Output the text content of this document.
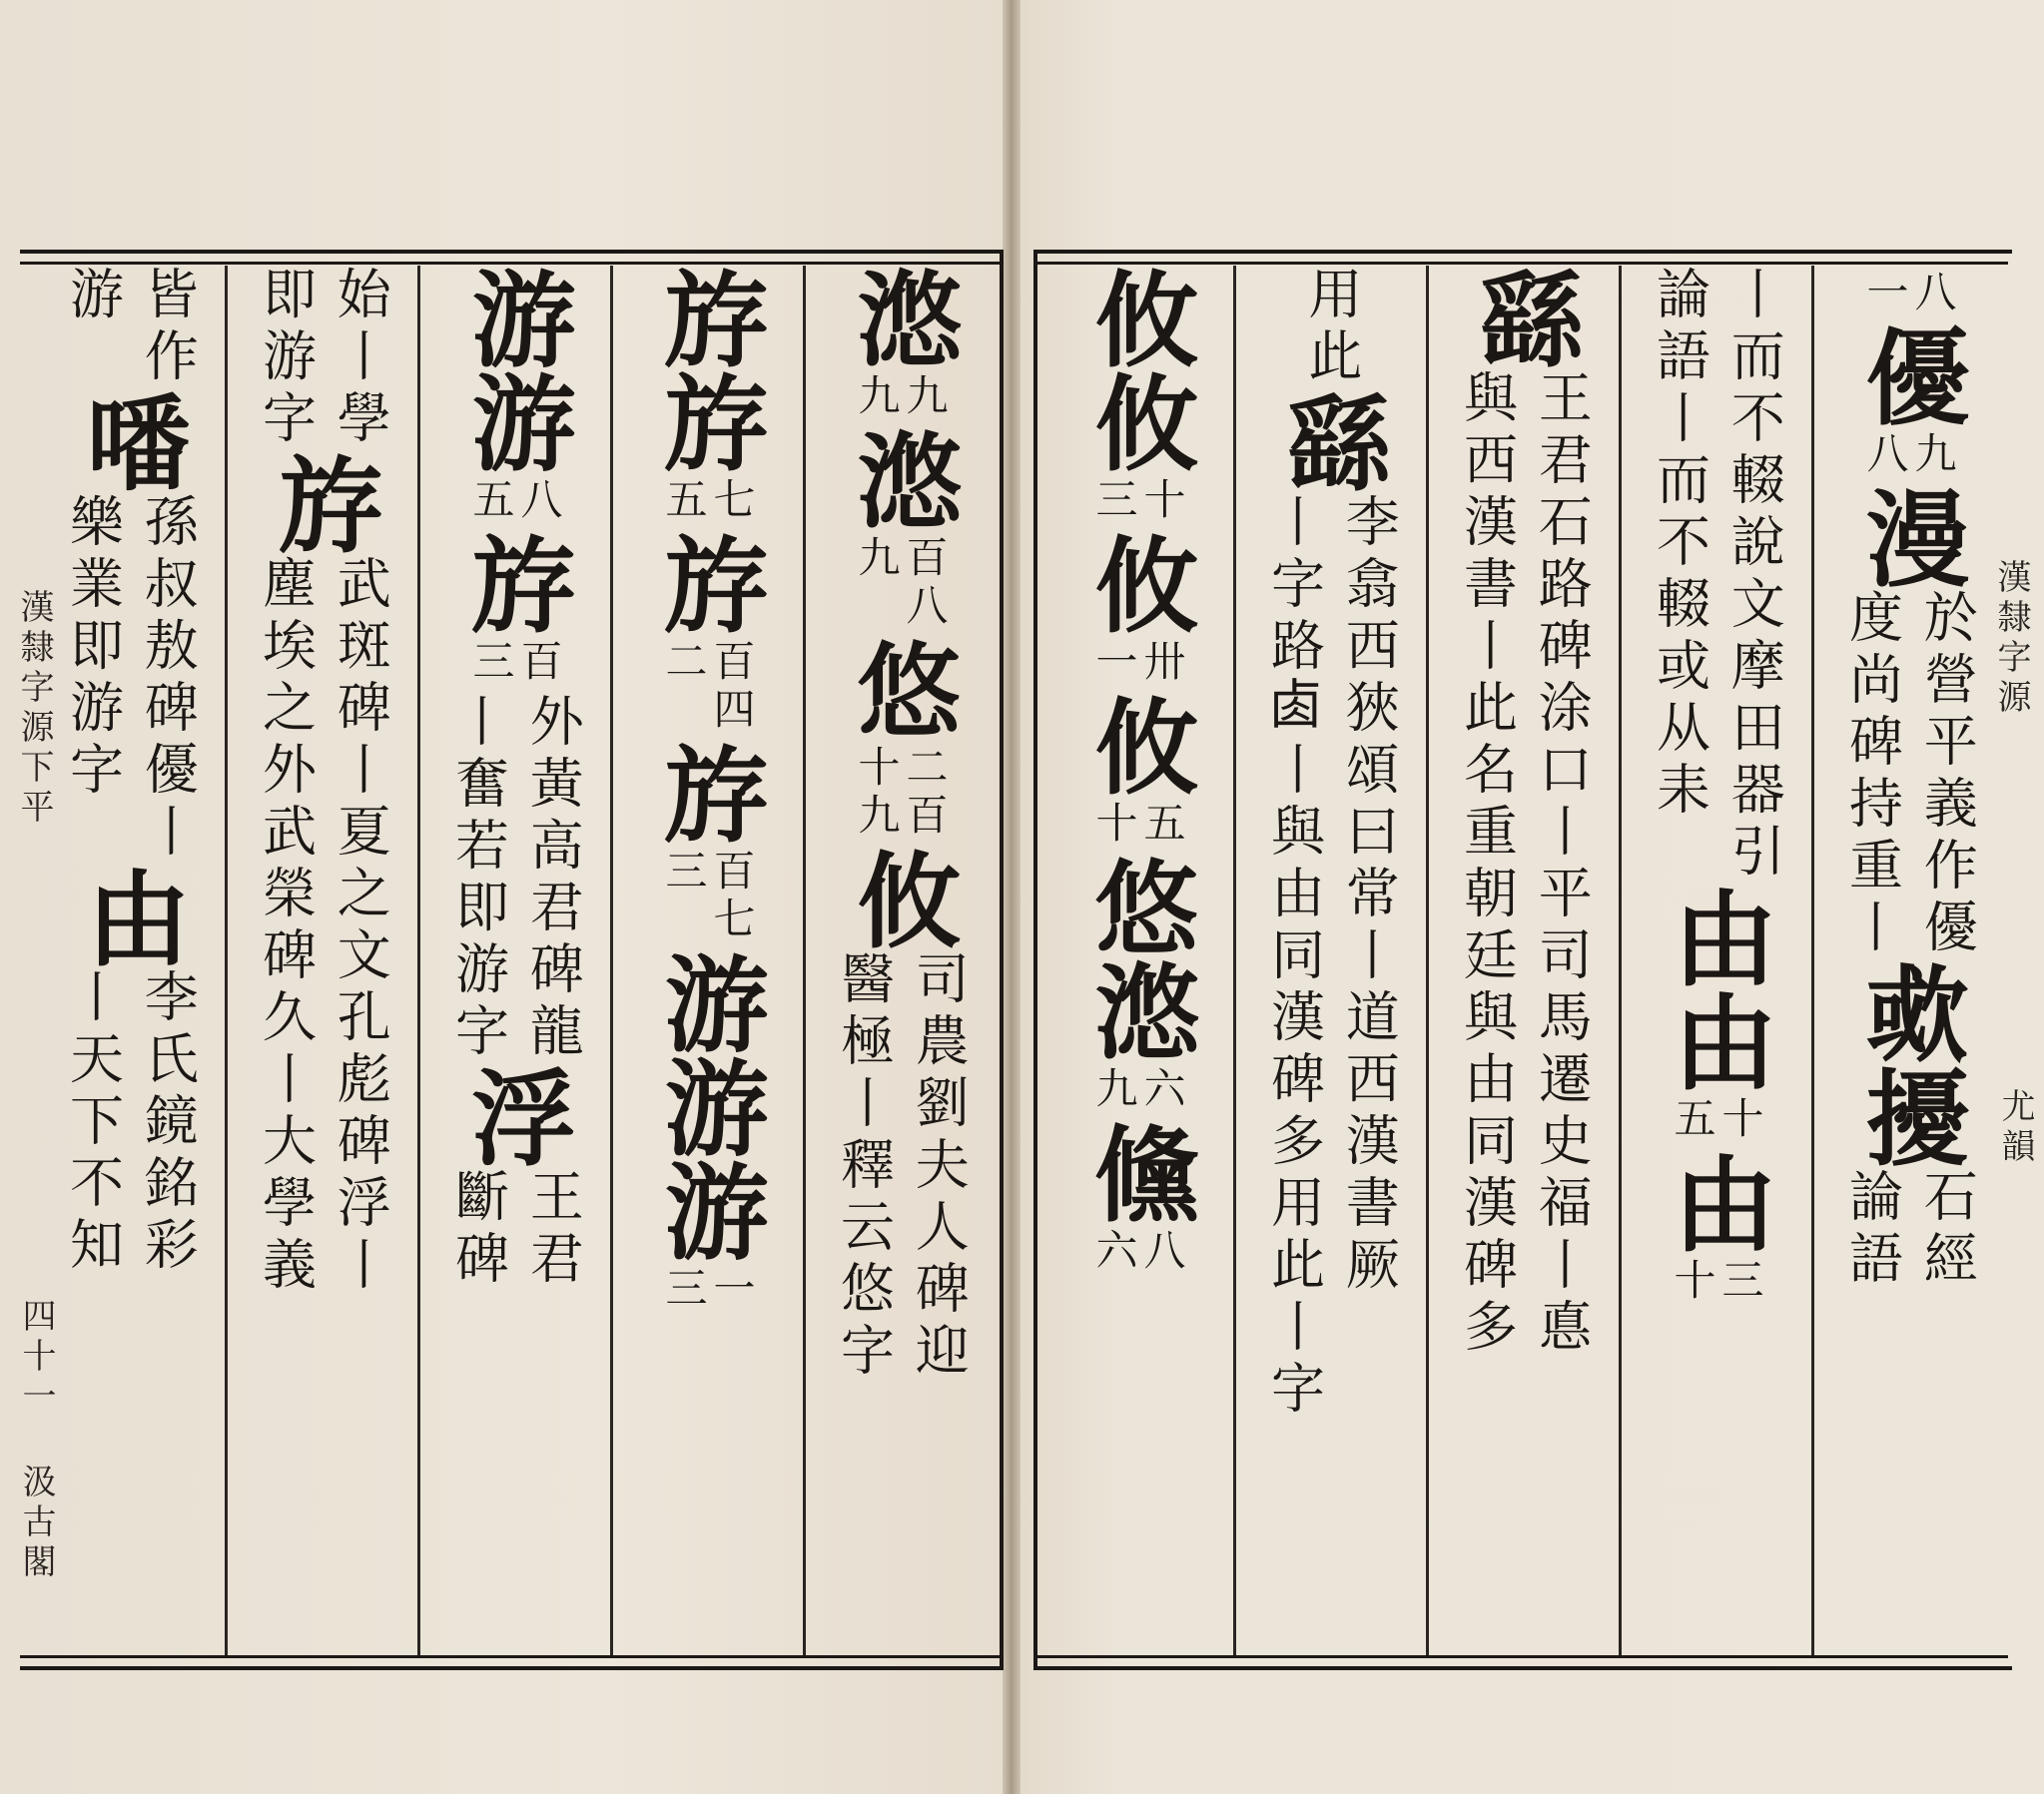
漢隸字源
尤韻
漢隸字源下平
四十一 汲古閣
八
一
優
九
八
漫
於營平義作優
度尚碑持重丨
㰲
擾
石經
論語
丨而不輟說文摩田器引
論語丨而不輟或从耒
由
由
十
五
由
三
十
繇
王君石路碑涂口丨平司馬遷史福丨悳
與西漢書丨此名重朝廷與由同漢碑多
用此
繇
李翕西狹頌曰常丨道西漢書厥
丨字路𠧪丨與由同漢碑多用此丨字
攸
攸
十
三
攸
卅
一
攸
五
十
悠
滺
六
九
儵
八
六
滺
九
九
滺
百八
九
悠
二百
十九
攸
司農劉夫人碑迎
醫極丨釋云悠字
斿
斿
七
五
斿
百四
二
斿
百七
三
游
游
游
一
三
游
游
八
五
斿
百
三
外黃高君碑龍
丨奮若即游字
浮
王君
斷碑
始丨學
即游字
斿
武斑碑丨夏之文孔彪碑浮丨
塵埃之外武榮碑久丨大學義
皆作
游
噃
孫叔敖碑優丨
樂業即游字
由
李氏鏡銘彩
丨天下不知
